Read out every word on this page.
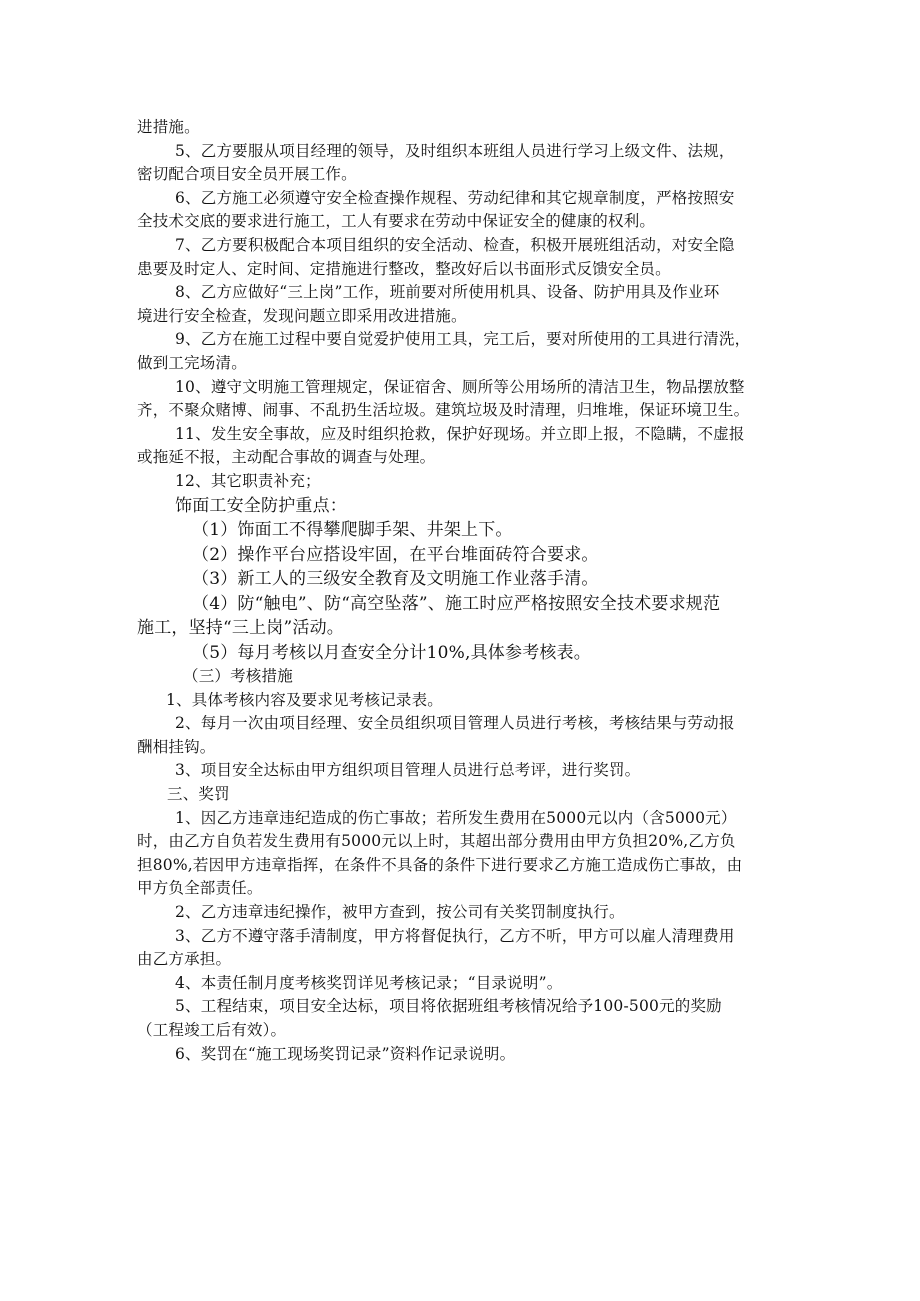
进措施。

5、乙方要服从项目经理的领导，及时组织本班组人员进行学习上级文件、法规，

密切配合项目安全员开展工作。

6、乙方施工必须遵守安全检查操作规程、劳动纪律和其它规章制度，严格按照安

全技术交底的要求进行施工，工人有要求在劳动中保证安全的健康的权利。

7、乙方要积极配合本项目组织的安全活动、检查，积极开展班组活动，对安全隐

患要及时定人、定时间、定措施进行整改，整改好后以书面形式反馈安全员。

8、乙方应做好“三上岗”工作，班前要对所使用机具、设备、防护用具及作业环

境进行安全检查，发现问题立即采用改进措施。

9、乙方在施工过程中要自觉爱护使用工具，完工后，要对所使用的工具进行清洗，

做到工完场清。

10、遵守文明施工管理规定，保证宿舍、厕所等公用场所的清洁卫生，物品摆放整

齐，不聚众赌博、闹事、不乱扔生活垃圾。建筑垃圾及时清理，归堆堆，保证环境卫生。

11、发生安全事故，应及时组织抢救，保护好现场。并立即上报，不隐瞒，不虚报

或拖延不报，主动配合事故的调查与处理。

12、其它职责补充；

饰面工安全防护重点：

（1）饰面工不得攀爬脚手架、井架上下。

（2）操作平台应搭设牢固，在平台堆面砖符合要求。

（3）新工人的三级安全教育及文明施工作业落手清。

（4）防“触电”、防“高空坠落”、施工时应严格按照安全技术要求规范

施工，坚持“三上岗”活动。

（5）每月考核以月查安全分计10%,具体参考核表。

（三）考核措施

1、具体考核内容及要求见考核记录表。

2、每月一次由项目经理、安全员组织项目管理人员进行考核，考核结果与劳动报

酬相挂钩。

3、项目安全达标由甲方组织项目管理人员进行总考评，进行奖罚。

三、奖罚

1、因乙方违章违纪造成的伤亡事故；若所发生费用在5000元以内（含5000元）

时，由乙方自负若发生费用有5000元以上时，其超出部分费用由甲方负担20%,乙方负

担80%,若因甲方违章指挥，在条件不具备的条件下进行要求乙方施工造成伤亡事故，由

甲方负全部责任。

2、乙方违章违纪操作，被甲方查到，按公司有关奖罚制度执行。

3、乙方不遵守落手清制度，甲方将督促执行，乙方不听，甲方可以雇人清理费用

由乙方承担。

4、本责任制月度考核奖罚详见考核记录；“目录说明”。

5、工程结束，项目安全达标，项目将依据班组考核情况给予100-500元的奖励

（工程竣工后有效）。

6、奖罚在“施工现场奖罚记录”资料作记录说明。
